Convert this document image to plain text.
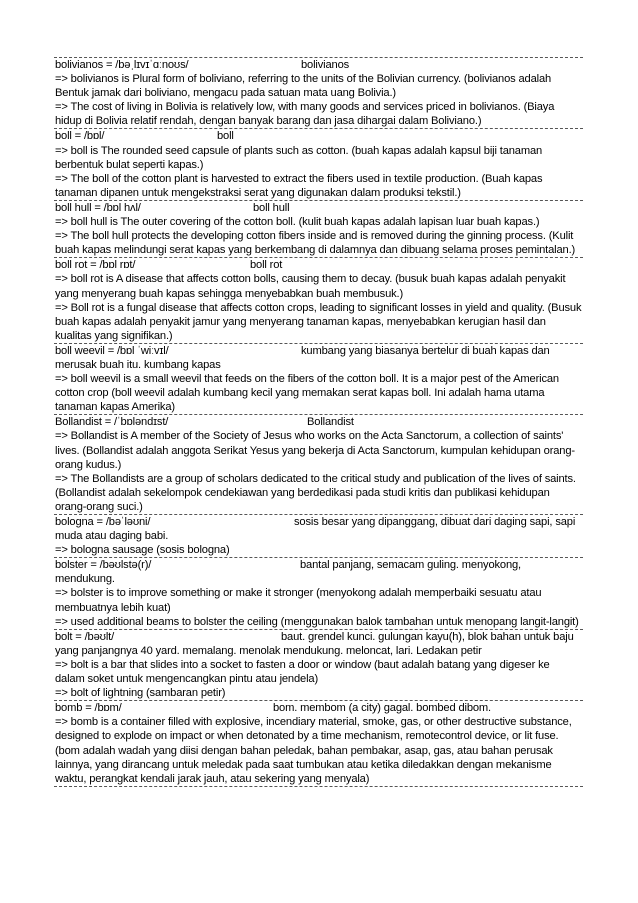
bolivianos = /bəˌlɪvɪˈɑːnoʊs/	bolivianos
=> bolivianos is Plural form of boliviano, referring to the units of the Bolivian currency. (bolivianos adalah Bentuk jamak dari boliviano, mengacu pada satuan mata uang Bolivia.)
=> The cost of living in Bolivia is relatively low, with many goods and services priced in bolivianos. (Biaya hidup di Bolivia relatif rendah, dengan banyak barang dan jasa dihargai dalam Boliviano.)
boll = /bɒl/	boll
=> boll is The rounded seed capsule of plants such as cotton. (buah kapas adalah kapsul biji tanaman berbentuk bulat seperti kapas.)
=> The boll of the cotton plant is harvested to extract the fibers used in textile production. (Buah kapas tanaman dipanen untuk mengekstraksi serat yang digunakan dalam produksi tekstil.)
boll hull = /bɒl hʌl/	boll hull
=> boll hull is The outer covering of the cotton boll. (kulit buah kapas adalah lapisan luar buah kapas.)
=> The boll hull protects the developing cotton fibers inside and is removed during the ginning process. (Kulit buah kapas melindungi serat kapas yang berkembang di dalamnya dan dibuang selama proses pemintalan.)
boll rot = /bɒl rɒt/	boll rot
=> boll rot is A disease that affects cotton bolls, causing them to decay. (busuk buah kapas adalah penyakit yang menyerang buah kapas sehingga menyebabkan buah membusuk.)
=> Boll rot is a fungal disease that affects cotton crops, leading to significant losses in yield and quality. (Busuk buah kapas adalah penyakit jamur yang menyerang tanaman kapas, menyebabkan kerugian hasil dan kualitas yang signifikan.)
boll weevil = /bɒl ˈwiːvɪl/	kumbang yang biasanya bertelur di buah kapas dan merusak buah itu. kumbang kapas
=> boll weevil is a small weevil that feeds on the fibers of the cotton boll. It is a major pest of the American cotton crop (boll weevil adalah kumbang kecil yang memakan serat kapas boll. Ini adalah hama utama tanaman kapas Amerika)
Bollandist = /ˈbɒləndɪst/	Bollandist
=> Bollandist is A member of the Society of Jesus who works on the Acta Sanctorum, a collection of saints' lives. (Bollandist adalah anggota Serikat Yesus yang bekerja di Acta Sanctorum, kumpulan kehidupan orang-orang kudus.)
=> The Bollandists are a group of scholars dedicated to the critical study and publication of the lives of saints. (Bollandist adalah sekelompok cendekiawan yang berdedikasi pada studi kritis dan publikasi kehidupan orang-orang suci.)
bologna = /bəˈləʊni/	sosis besar yang dipanggang, dibuat dari daging sapi, sapi muda atau daging babi.
=> bologna sausage (sosis bologna)
bolster = /bəʊlstə(r)/	bantal panjang, semacam guling. menyokong, mendukung.
=> bolster is to improve something or make it stronger (menyokong adalah memperbaiki sesuatu atau membuatnya lebih kuat)
=> used additional beams to bolster the ceiling (menggunakan balok tambahan untuk menopang langit-langit)
bolt = /bəʊlt/	baut. grendel kunci. gulungan kayu(h), blok bahan untuk baju yang panjangnya 40 yard. memalang. menolak mendukung. meloncat, lari. Ledakan petir
=> bolt is a bar that slides into a socket to fasten a door or window (baut adalah batang yang digeser ke dalam soket untuk mengencangkan pintu atau jendela)
=> bolt of lightning (sambaran petir)
bomb = /bɒm/	bom. membom (a city) gagal. bombed dibom.
=> bomb is a container filled with explosive, incendiary material, smoke, gas, or other destructive substance, designed to explode on impact or when detonated by a time mechanism, remotecontrol device, or lit fuse. (bom adalah wadah yang diisi dengan bahan peledak, bahan pembakar, asap, gas, atau bahan perusak lainnya, yang dirancang untuk meledak pada saat tumbukan atau ketika diledakkan dengan mekanisme waktu, perangkat kendali jarak jauh, atau sekering yang menyala)
